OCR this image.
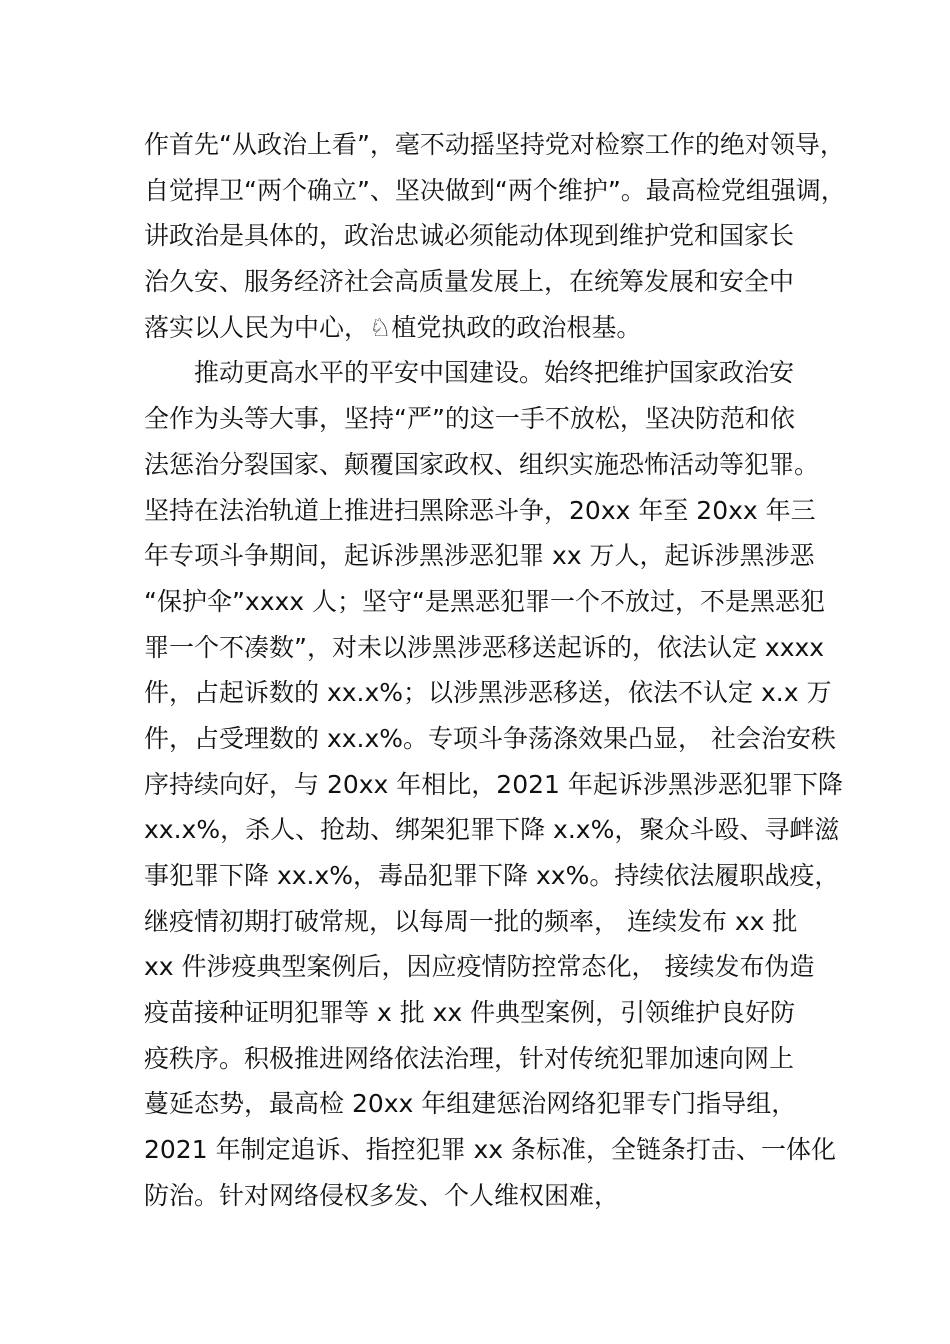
作首先“从政治上看”，毫不动摇坚持党对检察工作的绝对领导，
自觉捍卫“两个确立”、坚决做到“两个维护”。最高检党组强调，
讲政治是具体的，政治忠诚必须能动体现到维护党和国家长
治久安、服务经济社会高质量发展上，在统筹发展和安全中
落实以人民为中心，♘植党执政的政治根基。
推动更高水平的平安中国建设。始终把维护国家政治安
全作为头等大事，坚持“严”的这一手不放松，坚决防范和依
法惩治分裂国家、颠覆国家政权、组织实施恐怖活动等犯罪。
坚持在法治轨道上推进扫黑除恶斗争，20xx 年至 20xx 年三
年专项斗争期间，起诉涉黑涉恶犯罪 xx 万人，起诉涉黑涉恶
“保护伞”xxxx 人；坚守“是黑恶犯罪一个不放过，不是黑恶犯
罪一个不凑数”，对未以涉黑涉恶移送起诉的，依法认定 xxxx
件，占起诉数的 xx.x%；以涉黑涉恶移送，依法不认定 x.x 万
件，占受理数的 xx.x%。专项斗争荡涤效果凸显， 社会治安秩
序持续向好，与 20xx 年相比，2021 年起诉涉黑涉恶犯罪下降
xx.x%，杀人、抢劫、绑架犯罪下降 x.x%，聚众斗殴、寻衅滋
事犯罪下降 xx.x%，毒品犯罪下降 xx%。持续依法履职战疫，
继疫情初期打破常规，以每周一批的频率， 连续发布 xx 批
xx 件涉疫典型案例后，因应疫情防控常态化， 接续发布伪造
疫苗接种证明犯罪等 x 批 xx 件典型案例，引领维护良好防
疫秩序。积极推进网络依法治理，针对传统犯罪加速向网上
蔓延态势，最高检 20xx 年组建惩治网络犯罪专门指导组，
2021 年制定追诉、指控犯罪 xx 条标准，全链条打击、一体化
防治。针对网络侵权多发、个人维权困难，
